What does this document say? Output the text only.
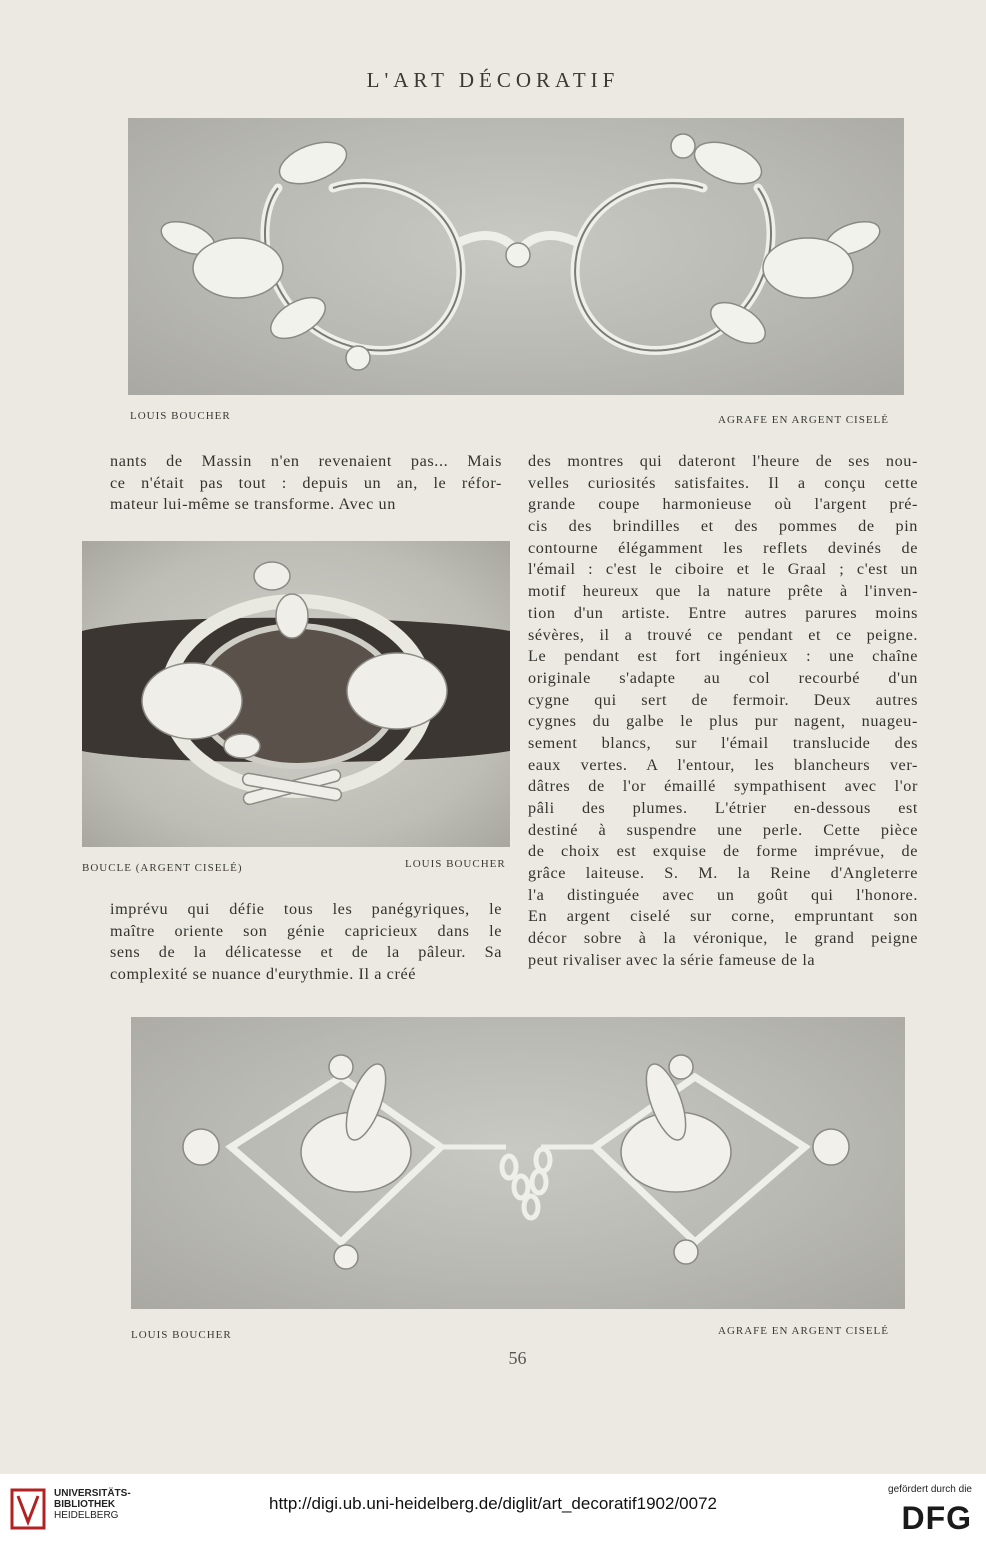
L'ART DÉCORATIF
LOUIS BOUCHER	AGRAFE EN ARGENT CISELÉ
nants de Massin n'en revenaient pas... Mais
ce n'était pas tout : depuis un an, le réfor-
mateur lui-même se transforme. Avec un
BOUCLE (ARGENT CISELÉ)	LOUIS BOUCHER
imprévu qui défie tous les panégyriques, le
maître oriente son génie capricieux dans le
sens de la délicatesse et de la pâleur. Sa
complexité se nuance d'eurythmie. Il a créé
des montres qui dateront l'heure de ses nou-
velles curiosités satisfaites. Il a conçu cette
grande coupe harmonieuse où l'argent pré-
cis des brindilles et des pommes de pin
contourne élégamment les reflets devinés de
l'émail : c'est le ciboire et le Graal ; c'est un
motif heureux que la nature prête à l'inven-
tion d'un artiste. Entre autres parures moins
sévères, il a trouvé ce pendant et ce peigne.
Le pendant est fort ingénieux : une chaîne
originale s'adapte au col recourbé d'un
cygne qui sert de fermoir. Deux autres
cygnes du galbe le plus pur nagent, nuageu-
sement blancs, sur l'émail translucide des
eaux vertes. A l'entour, les blancheurs ver-
dâtres de l'or émaillé sympathisent avec l'or
pâli des plumes. L'étrier en-dessous est
destiné à suspendre une perle. Cette pièce
de choix est exquise de forme imprévue, de
grâce laiteuse. S. M. la Reine d'Angleterre
l'a distinguée avec un goût qui l'honore.
En argent ciselé sur corne, empruntant son
décor sobre à la véronique, le grand peigne
peut rivaliser avec la série fameuse de la
LOUIS BOUCHER	AGRAFE EN ARGENT CISELÉ
56
UNIVERSITÄTS-
BIBLIOTHEK
HEIDELBERG
http://digi.ub.uni-heidelberg.de/diglit/art_decoratif1902/0072
gefördert durch die
DFG
